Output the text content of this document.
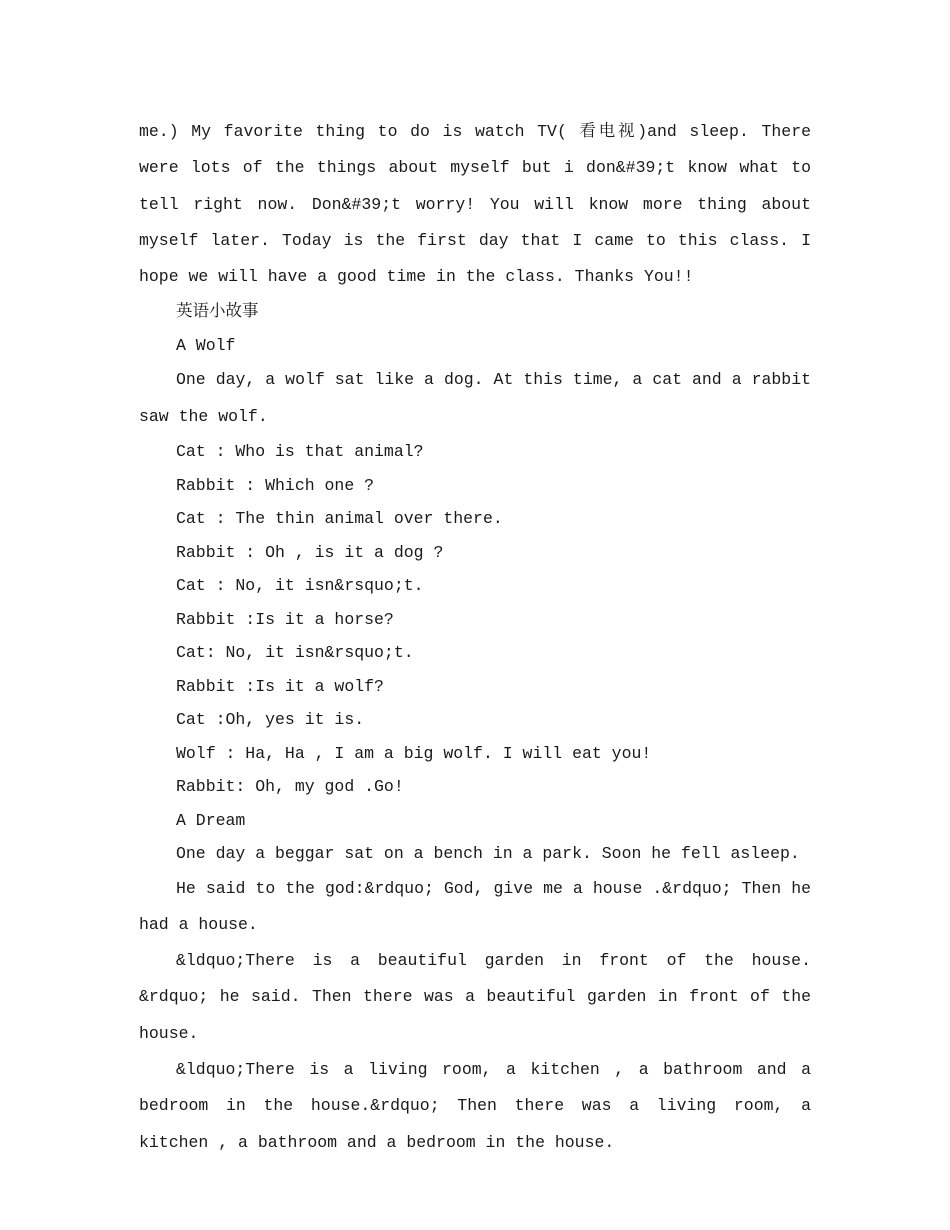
me.) My favorite thing to do is watch TV( 看电视)and sleep. There were lots of the things about myself but i don&#39;t know what to tell right now. Don&#39;t worry! You will know more thing about myself later. Today is the first day that I came to this class. I hope we will have a good time in the class. Thanks You!!

英语小故事

A Wolf

One day, a wolf sat like a dog. At this time, a cat and a rabbit saw the wolf.

Cat : Who is that animal?

Rabbit : Which one ?

Cat : The thin animal over there.

Rabbit : Oh , is it a dog ?

Cat : No, it isn&rsquo;t.

Rabbit :Is it a horse?

Cat: No, it isn&rsquo;t.

Rabbit :Is it a wolf?

Cat :Oh, yes it is.

Wolf : Ha, Ha , I am a big wolf. I will eat you!

Rabbit: Oh, my god .Go!

A Dream

One day a beggar sat on a bench in a park. Soon he fell asleep.

He said to the god:&rdquo; God, give me a house .&rdquo; Then he had a house.

&ldquo;There is a beautiful garden in front of the house. &rdquo; he said. Then there was a beautiful garden in front of the house.

&ldquo;There is a living room, a kitchen , a bathroom and a bedroom in the house.&rdquo; Then there was a living room, a kitchen , a bathroom and a bedroom in the house.
